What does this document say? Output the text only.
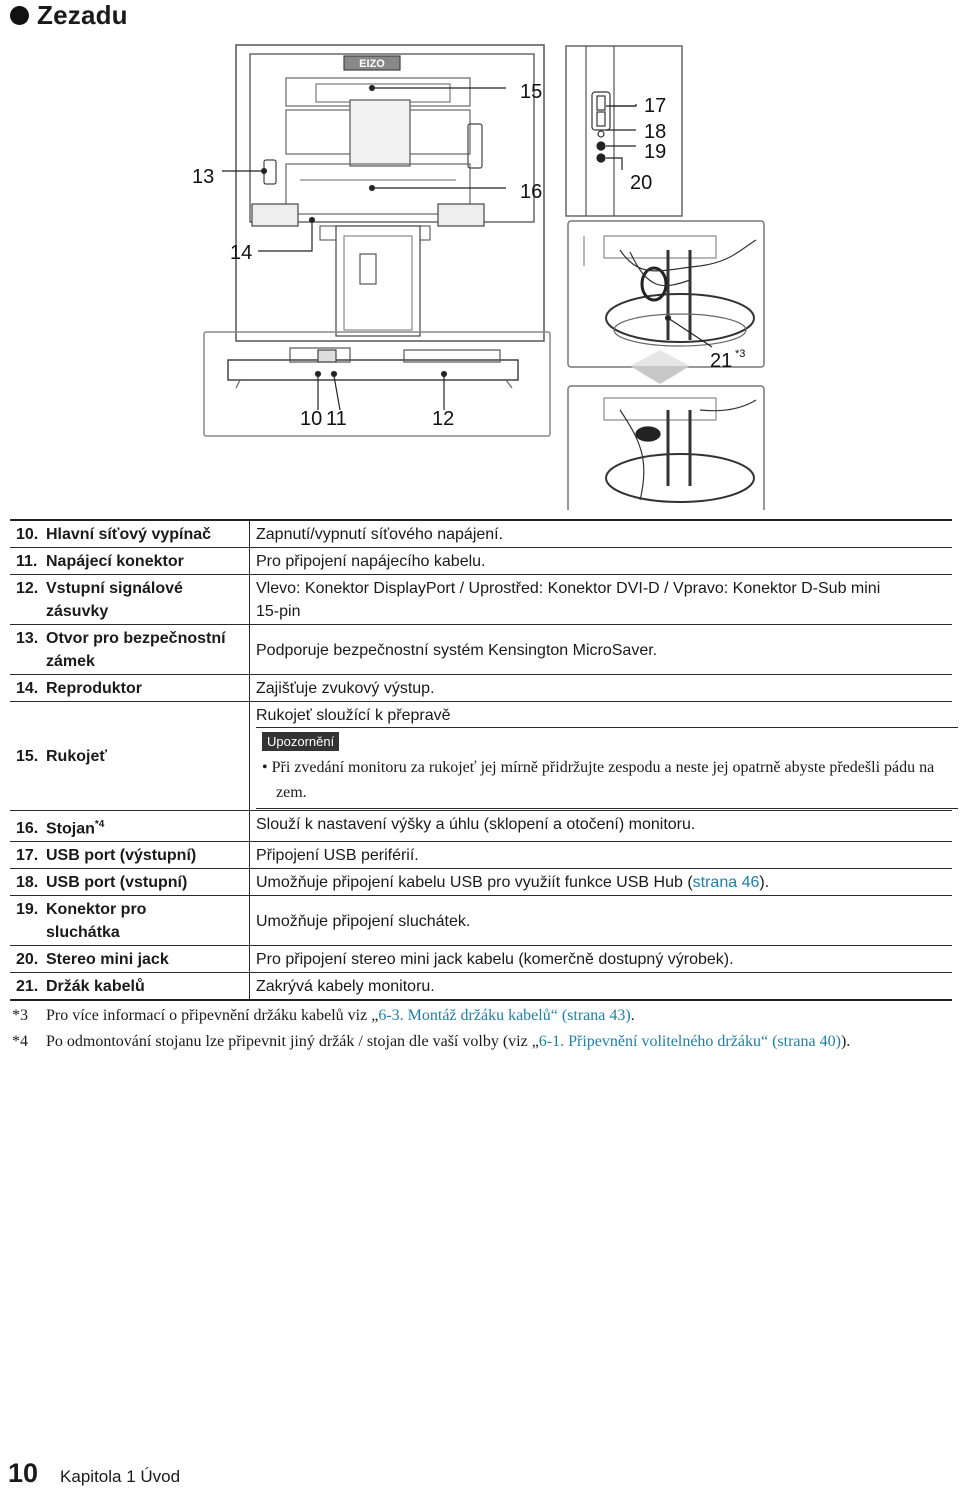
Zezadu
EIZO
13
14
15
16
17
18
19
20
21 *3
10 11	12
10. Hlavní síťový vypínač	Zapnutí/vypnutí síťového napájení.
11. Napájecí konektor	Pro připojení napájecího kabelu.
12. Vstupní signálové
zásuvky	Vlevo: Konektor DisplayPort / Uprostřed: Konektor DVI-D / Vpravo: Konektor D-Sub mini
15-pin
13. Otvor pro bezpečnostní
zámek	Podporuje bezpečnostní systém Kensington MicroSaver.
14. Reproduktor	Zajišťuje zvukový výstup.
15. Rukojeť	Rukojeť sloužící k přepravě
Upozornění
• Při zvedání monitoru za rukojeť jej mírně přidržujte zespodu a neste jej opatrně abyste předešli pádu na zem.

16. Stojan$^{*4}$	Slouží k nastavení výšky a úhlu (sklopení a otočení) monitoru.
17. USB port (výstupní)	Připojení USB periférií.
18. USB port (vstupní)	Umožňuje připojení kabelu USB pro využiít funkce USB Hub (strana 46).
19. Konektor pro
sluchátka	Umožňuje připojení sluchátek.
20. Stereo mini jack	Pro připojení stereo mini jack kabelu (komerčně dostupný výrobek).
21. Držák kabelů	Zakrývá kabely monitoru.
*3	Pro více informací o připevnění držáku kabelů viz „6-3. Montáž držáku kabelů“ (strana 43).
*4	Po odmontování stojanu lze připevnit jiný držák / stojan dle vaší volby (viz „6-1. Připevnění volitelného držáku“ (strana 40)).
10 Kapitola 1 Úvod
